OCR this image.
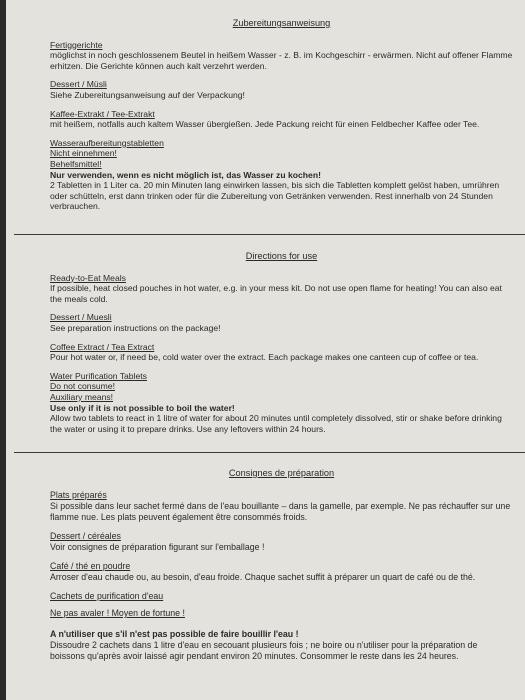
Zubereitungsanweisung
Fertiggerichte
möglichst in noch geschlossenem Beutel in heißem Wasser - z. B. im Kochgeschirr - erwärmen. Nicht auf offener Flamme erhitzen. Die Gerichte können auch kalt verzehrt werden.
Dessert / Müsli
Siehe Zubereitungsanweisung auf der Verpackung!
Kaffee-Extrakt / Tee-Extrakt
mit heißem, notfalls auch kaltem Wasser übergießen. Jede Packung reicht für einen Feldbecher Kaffee oder Tee.
Wasseraufbereitungstabletten
Nicht einnehmen!
Behelfsmittel!
Nur verwenden, wenn es nicht möglich ist, das Wasser zu kochen!
2 Tabletten in 1 Liter ca. 20 min Minuten lang einwirken lassen, bis sich die Tabletten komplett gelöst haben, umrühren oder schütteln, erst dann trinken oder für die Zubereitung von Getränken verwenden. Rest innerhalb von 24 Stunden verbrauchen.
Directions for use
Ready-to-Eat Meals
If possible, heat closed pouches in hot water, e.g. in your mess kit. Do not use open flame for heating! You can also eat the meals cold.
Dessert / Muesli
See preparation instructions on the package!
Coffee Extract / Tea Extract
Pour hot water or, if need be, cold water over the extract. Each package makes one canteen cup of coffee or tea.
Water Purification Tablets
Do not consume!
Auxiliary means!
Use only if it is not possible to boil the water!
Allow two tablets to react in 1 litre of water for about 20 minutes until completely dissolved, stir or shake before drinking the water or using it to prepare drinks. Use any leftovers within 24 hours.
Consignes de préparation
Plats préparés
Si possible dans leur sachet fermé dans de l'eau bouillante – dans la gamelle, par exemple. Ne pas réchauffer sur une flamme nue. Les plats peuvent également être consommés froids.
Dessert / céréales
Voir consignes de préparation figurant sur l'emballage !
Café / thé en poudre
Arroser d'eau chaude ou, au besoin, d'eau froide. Chaque sachet suffit à préparer un quart de café ou de thé.
Cachets de purification d'eau
Ne pas avaler ! Moyen de fortune !
A n'utiliser que s'il n'est pas possible de faire bouillir l'eau !
Dissoudre 2 cachets dans 1 litre d'eau en secouant plusieurs fois ; ne boire ou n'utiliser pour la préparation de boissons qu'après avoir laissé agir pendant environ 20 minutes. Consommer le reste dans les 24 heures.
